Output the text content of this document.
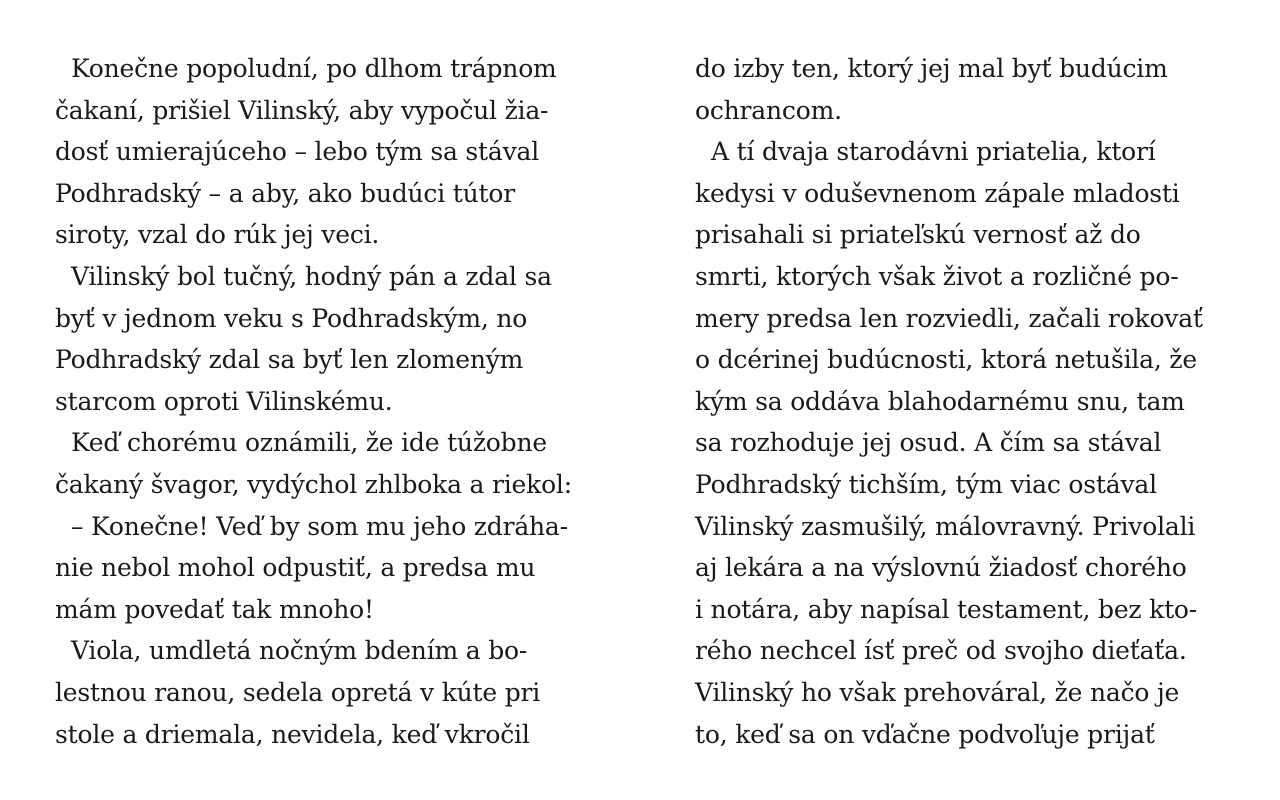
Konečne popoludní, po dlhom trápnom
čakaní, prišiel Vilinský, aby vypočul žia-
dosť umierajúceho – lebo tým sa stával
Podhradský – a aby, ako budúci tútor
siroty, vzal do rúk jej veci.
Vilinský bol tučný, hodný pán a zdal sa
byť v jednom veku s Podhradským, no
Podhradský zdal sa byť len zlomeným
starcom oproti Vilinskému.
Keď chorému oznámili, že ide túžobne
čakaný švagor, vydýchol zhlboka a riekol:
– Konečne! Veď by som mu jeho zdráha-
nie nebol mohol odpustiť, a predsa mu
mám povedať tak mnoho!
Viola, umdletá nočným bdením a bo-
lestnou ranou, sedela opretá v kúte pri
stole a driemala, nevidela, keď vkročil
do izby ten, ktorý jej mal byť budúcim
ochrancom.
A tí dvaja starodávni priatelia, ktorí
kedysi v oduševnenom zápale mladosti
prisahali si priateľskú vernosť až do
smrti, ktorých však život a rozličné po-
mery predsa len rozviedli, začali rokovať
o dcérinej budúcnosti, ktorá netušila, že
kým sa oddáva blahodarnému snu, tam
sa rozhoduje jej osud. A čím sa stával
Podhradský tichším, tým viac ostával
Vilinský zasmušilý, málovravný. Privolali
aj lekára a na výslovnú žiadosť chorého
i notára, aby napísal testament, bez kto-
rého nechcel ísť preč od svojho dieťaťa.
Vilinský ho však prehováral, že načo je
to, keď sa on vďačne podvoľuje prijať
